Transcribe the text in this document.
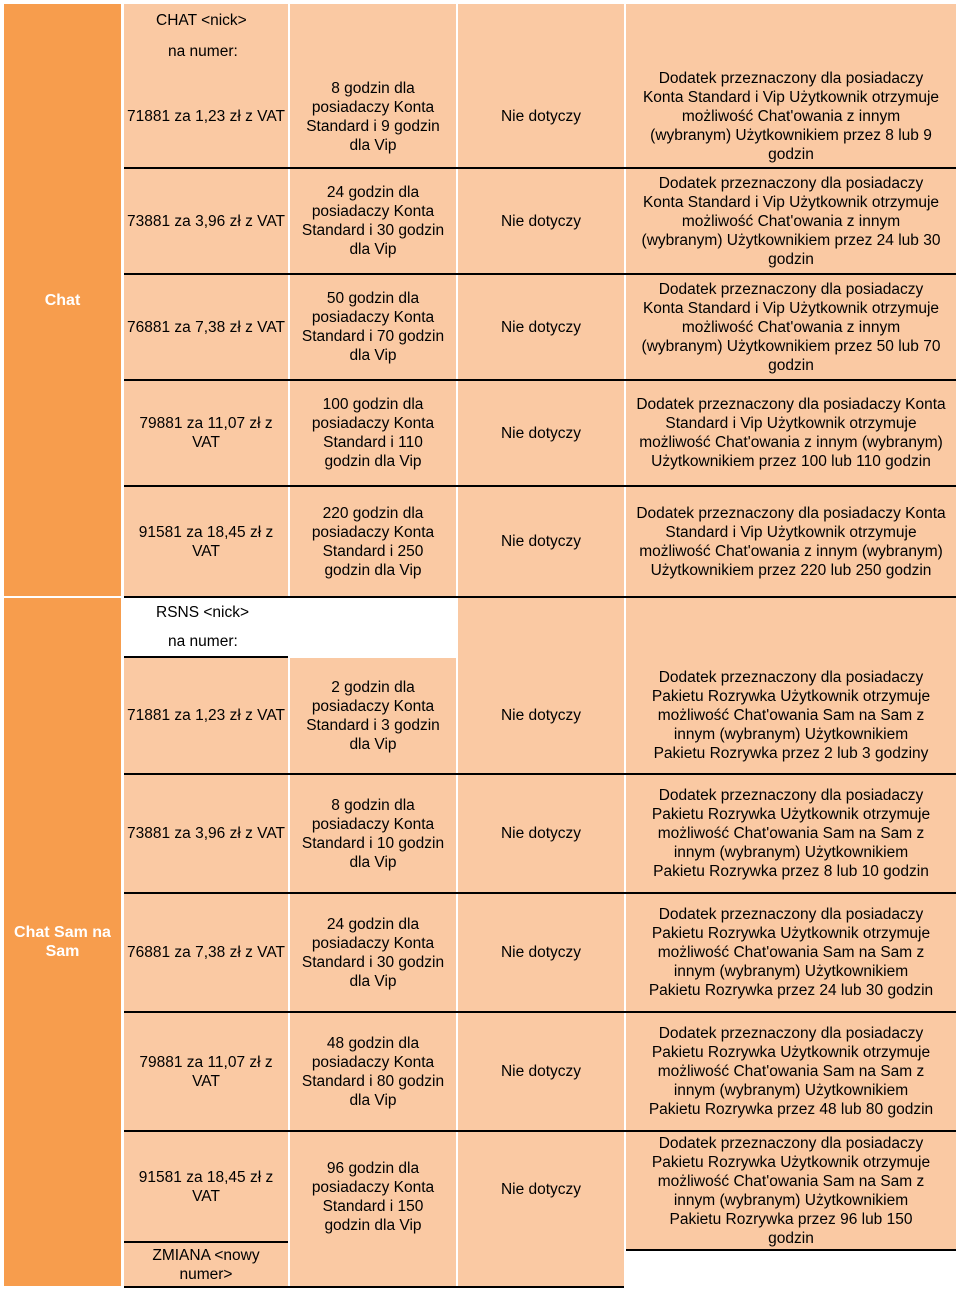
Chat
CHAT <nick>
na numer:
71881 za 1,23 zł z VAT
73881 za 3,96 zł z VAT
76881 za 7,38 zł z VAT
79881 za 11,07 zł z VAT
91581 za 18,45 zł z VAT
8 godzin dla posiadaczy Konta Standard i 9 godzin dla Vip
24 godzin dla posiadaczy Konta Standard i 30 godzin dla Vip
50 godzin dla posiadaczy Konta Standard i 70 godzin dla Vip
100 godzin dla posiadaczy Konta Standard i 110 godzin dla Vip
220 godzin dla posiadaczy Konta Standard i 250 godzin dla Vip
Nie dotyczy
Nie dotyczy
Nie dotyczy
Nie dotyczy
Nie dotyczy
Dodatek przeznaczony dla posiadaczy Konta Standard i Vip Użytkownik otrzymuje możliwość Chat'owania z innym (wybranym) Użytkownikiem przez 8 lub 9 godzin
Dodatek przeznaczony dla posiadaczy Konta Standard i Vip Użytkownik otrzymuje możliwość Chat'owania z innym (wybranym) Użytkownikiem przez 24 lub 30 godzin
Dodatek przeznaczony dla posiadaczy Konta Standard i Vip Użytkownik otrzymuje możliwość Chat'owania z innym (wybranym) Użytkownikiem przez 50 lub 70 godzin
Dodatek przeznaczony dla posiadaczy Konta Standard i Vip Użytkownik otrzymuje możliwość Chat'owania z innym (wybranym) Użytkownikiem przez 100 lub 110 godzin
Dodatek przeznaczony dla posiadaczy Konta Standard i Vip Użytkownik otrzymuje możliwość Chat'owania z innym (wybranym) Użytkownikiem przez 220 lub 250 godzin
Chat Sam na Sam
RSNS <nick>
na numer:
71881 za 1,23 zł z VAT
73881 za 3,96 zł z VAT
76881 za 7,38 zł z VAT
79881 za 11,07 zł z VAT
91581 za 18,45 zł z VAT
ZMIANA <nowy numer>
2 godzin dla posiadaczy Konta Standard i 3 godzin dla Vip
8 godzin dla posiadaczy Konta Standard i 10 godzin dla Vip
24 godzin dla posiadaczy Konta Standard i 30 godzin dla Vip
48 godzin dla posiadaczy Konta Standard i 80 godzin dla Vip
96 godzin dla posiadaczy Konta Standard i 150 godzin dla Vip
Nie dotyczy
Nie dotyczy
Nie dotyczy
Nie dotyczy
Nie dotyczy
Dodatek przeznaczony dla posiadaczy Pakietu Rozrywka Użytkownik otrzymuje możliwość Chat'owania Sam na Sam z innym (wybranym) Użytkownikiem Pakietu Rozrywka przez 2 lub 3 godziny
Dodatek przeznaczony dla posiadaczy Pakietu Rozrywka Użytkownik otrzymuje możliwość Chat'owania Sam na Sam z innym (wybranym) Użytkownikiem Pakietu Rozrywka przez 8 lub 10 godzin
Dodatek przeznaczony dla posiadaczy Pakietu Rozrywka Użytkownik otrzymuje możliwość Chat'owania Sam na Sam z innym (wybranym) Użytkownikiem Pakietu Rozrywka przez 24 lub 30 godzin
Dodatek przeznaczony dla posiadaczy Pakietu Rozrywka Użytkownik otrzymuje możliwość Chat'owania Sam na Sam z innym (wybranym) Użytkownikiem Pakietu Rozrywka przez 48 lub 80 godzin
Dodatek przeznaczony dla posiadaczy Pakietu Rozrywka Użytkownik otrzymuje możliwość Chat'owania Sam na Sam z innym (wybranym) Użytkownikiem Pakietu Rozrywka przez 96 lub 150 godzin
